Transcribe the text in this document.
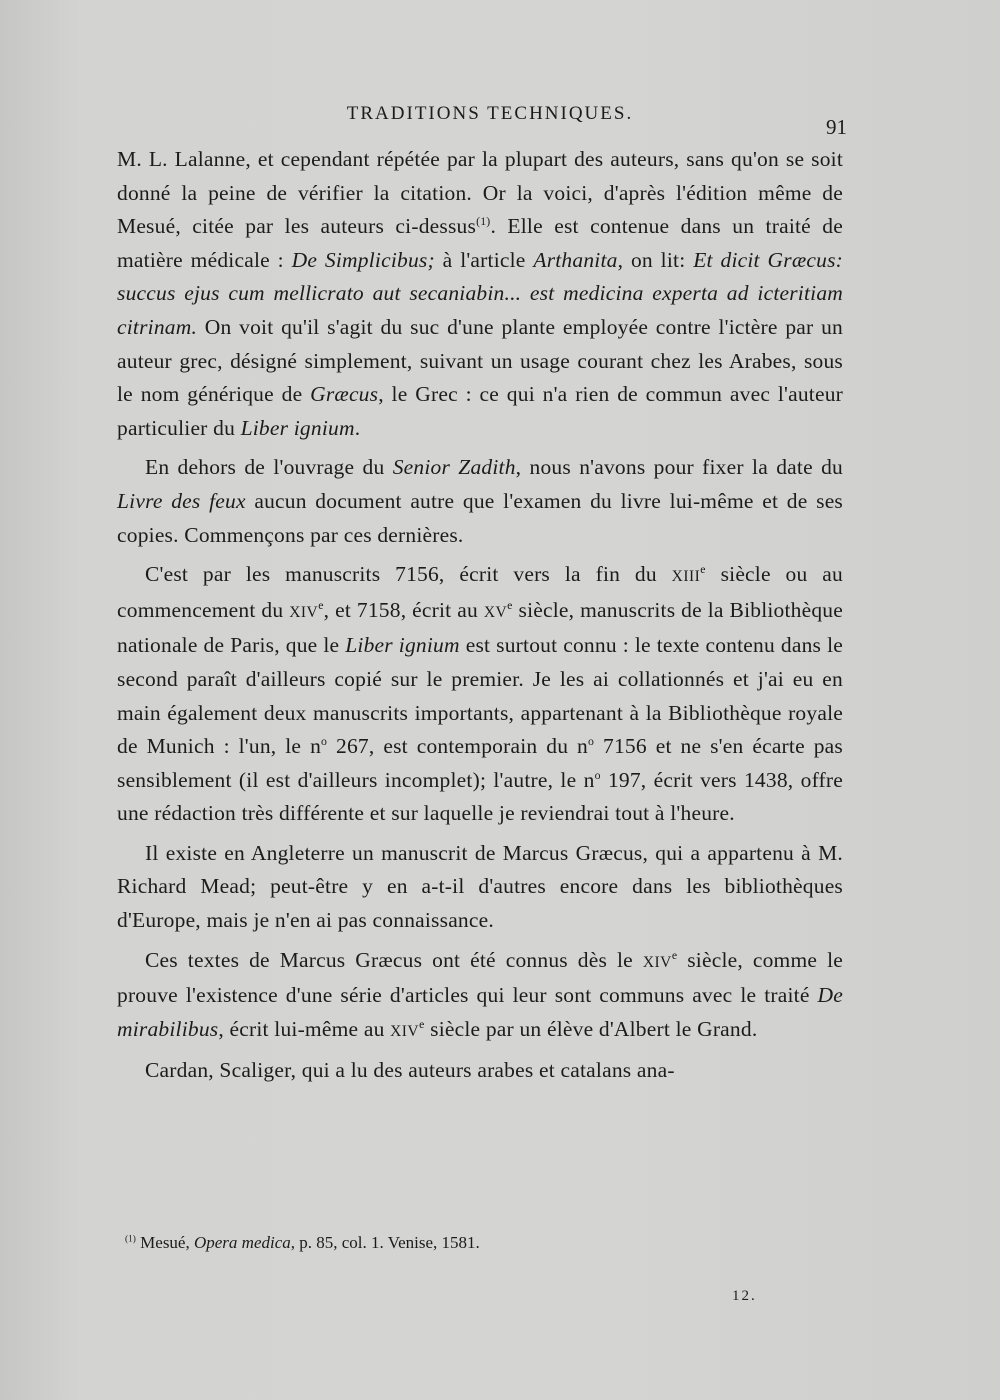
TRADITIONS TECHNIQUES.
91

M. L. Lalanne, et cependant répétée par la plupart des auteurs, sans qu'on se soit donné la peine de vérifier la citation. Or la voici, d'après l'édition même de Mesué, citée par les auteurs ci-dessus$^{(1)}$. Elle est contenue dans un traité de matière médicale : De Simplicibus; à l'article Arthanita, on lit: Et dicit Græcus: succus ejus cum mellicrato aut secaniabin... est medicina experta ad icteritiam citrinam. On voit qu'il s'agit du suc d'une plante employée contre l'ictère par un auteur grec, désigné simplement, suivant un usage courant chez les Arabes, sous le nom générique de Græcus, le Grec : ce qui n'a rien de commun avec l'auteur particulier du Liber ignium.

En dehors de l'ouvrage du Senior Zadith, nous n'avons pour fixer la date du Livre des feux aucun document autre que l'examen du livre lui-même et de ses copies. Commençons par ces dernières.

C'est par les manuscrits 7156, écrit vers la fin du XIIIe siècle ou au commencement du XIVe, et 7158, écrit au XVe siècle, manuscrits de la Bibliothèque nationale de Paris, que le Liber ignium est surtout connu : le texte contenu dans le second paraît d'ailleurs copié sur le premier. Je les ai collationnés et j'ai eu en main également deux manuscrits importants, appartenant à la Bibliothèque royale de Munich : l'un, le $n^o$ 267, est contemporain du $n^o$ 7156 et ne s'en écarte pas sensiblement (il est d'ailleurs incomplet); l'autre, le $n^o$ 197, écrit vers 1438, offre une rédaction très différente et sur laquelle je reviendrai tout à l'heure.

Il existe en Angleterre un manuscrit de Marcus Græcus, qui a appartenu à M. Richard Mead; peut-être y en a-t-il d'autres encore dans les bibliothèques d'Europe, mais je n'en ai pas connaissance.

Ces textes de Marcus Græcus ont été connus dès le XIVe siècle, comme le prouve l'existence d'une série d'articles qui leur sont communs avec le traité De mirabilibus, écrit lui-même au XIVe siècle par un élève d'Albert le Grand.

Cardan, Scaliger, qui a lu des auteurs arabes et catalans ana-

$^{(1)}$ Mesué, Opera medica, p. 85, col. 1. Venise, 1581.
12.
